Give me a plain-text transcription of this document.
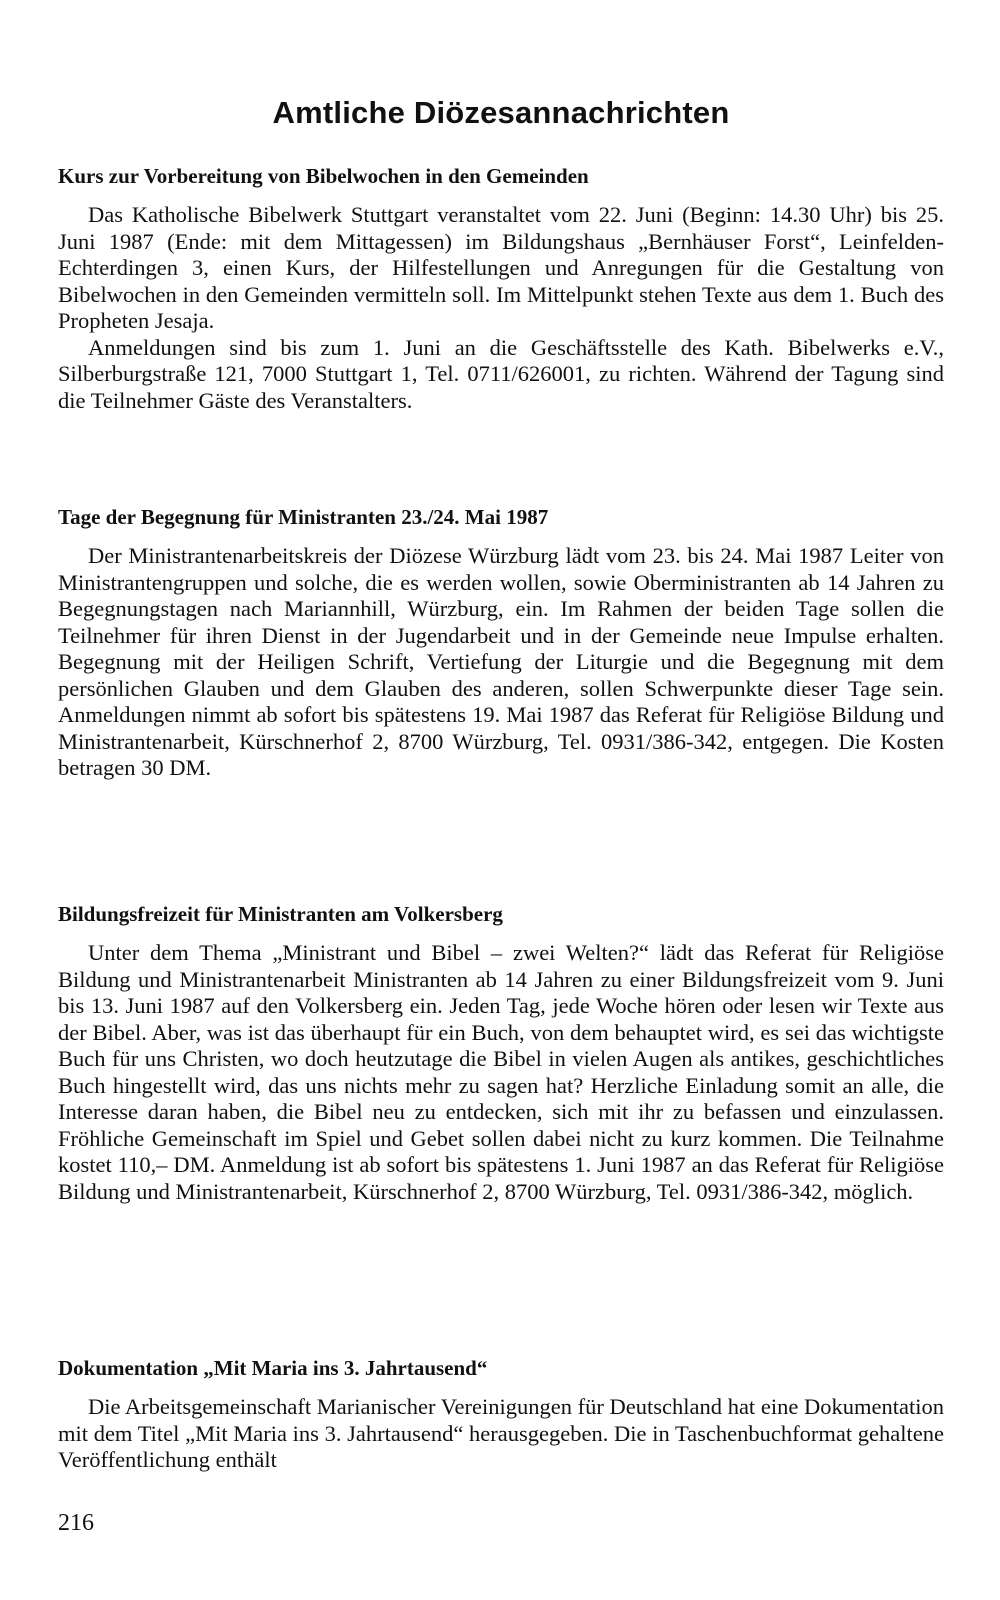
Amtliche Diözesannachrichten
Kurs zur Vorbereitung von Bibelwochen in den Gemeinden

Das Katholische Bibelwerk Stuttgart veranstaltet vom 22. Juni (Beginn: 14.30 Uhr) bis 25. Juni 1987 (Ende: mit dem Mittagessen) im Bildungshaus „Bernhäuser Forst“, Leinfelden-Echterdingen 3, einen Kurs, der Hilfestellungen und Anregungen für die Gestaltung von Bibelwochen in den Gemeinden vermitteln soll. Im Mittelpunkt stehen Texte aus dem 1. Buch des Propheten Jesaja.

Anmeldungen sind bis zum 1. Juni an die Geschäftsstelle des Kath. Bibelwerks e.V., Silberburgstraße 121, 7000 Stuttgart 1, Tel. 0711/626001, zu richten. Während der Tagung sind die Teilnehmer Gäste des Veranstalters.

Tage der Begegnung für Ministranten 23./24. Mai 1987

Der Ministrantenarbeitskreis der Diözese Würzburg lädt vom 23. bis 24. Mai 1987 Leiter von Ministrantengruppen und solche, die es werden wollen, sowie Oberministranten ab 14 Jahren zu Begegnungstagen nach Mariannhill, Würzburg, ein. Im Rahmen der beiden Tage sollen die Teilnehmer für ihren Dienst in der Jugendarbeit und in der Gemeinde neue Impulse erhalten. Begegnung mit der Heiligen Schrift, Vertiefung der Liturgie und die Begegnung mit dem persönlichen Glauben und dem Glauben des anderen, sollen Schwerpunkte dieser Tage sein. Anmeldungen nimmt ab sofort bis spätestens 19. Mai 1987 das Referat für Religiöse Bildung und Ministrantenarbeit, Kürschnerhof 2, 8700 Würzburg, Tel. 0931/386-342, entgegen. Die Kosten betragen 30 DM.

Bildungsfreizeit für Ministranten am Volkersberg

Unter dem Thema „Ministrant und Bibel – zwei Welten?“ lädt das Referat für Religiöse Bildung und Ministrantenarbeit Ministranten ab 14 Jahren zu einer Bildungsfreizeit vom 9. Juni bis 13. Juni 1987 auf den Volkersberg ein. Jeden Tag, jede Woche hören oder lesen wir Texte aus der Bibel. Aber, was ist das überhaupt für ein Buch, von dem behauptet wird, es sei das wichtigste Buch für uns Christen, wo doch heutzutage die Bibel in vielen Augen als antikes, geschichtliches Buch hingestellt wird, das uns nichts mehr zu sagen hat? Herzliche Einladung somit an alle, die Interesse daran haben, die Bibel neu zu entdecken, sich mit ihr zu befassen und einzulassen. Fröhliche Gemeinschaft im Spiel und Gebet sollen dabei nicht zu kurz kommen. Die Teilnahme kostet 110,– DM. Anmeldung ist ab sofort bis spätestens 1. Juni 1987 an das Referat für Religiöse Bildung und Ministrantenarbeit, Kürschnerhof 2, 8700 Würzburg, Tel. 0931/386-342, möglich.

Dokumentation „Mit Maria ins 3. Jahrtausend“

Die Arbeitsgemeinschaft Marianischer Vereinigungen für Deutschland hat eine Dokumentation mit dem Titel „Mit Maria ins 3. Jahrtausend“ herausgegeben. Die in Taschenbuchformat gehaltene Veröffentlichung enthält

216
